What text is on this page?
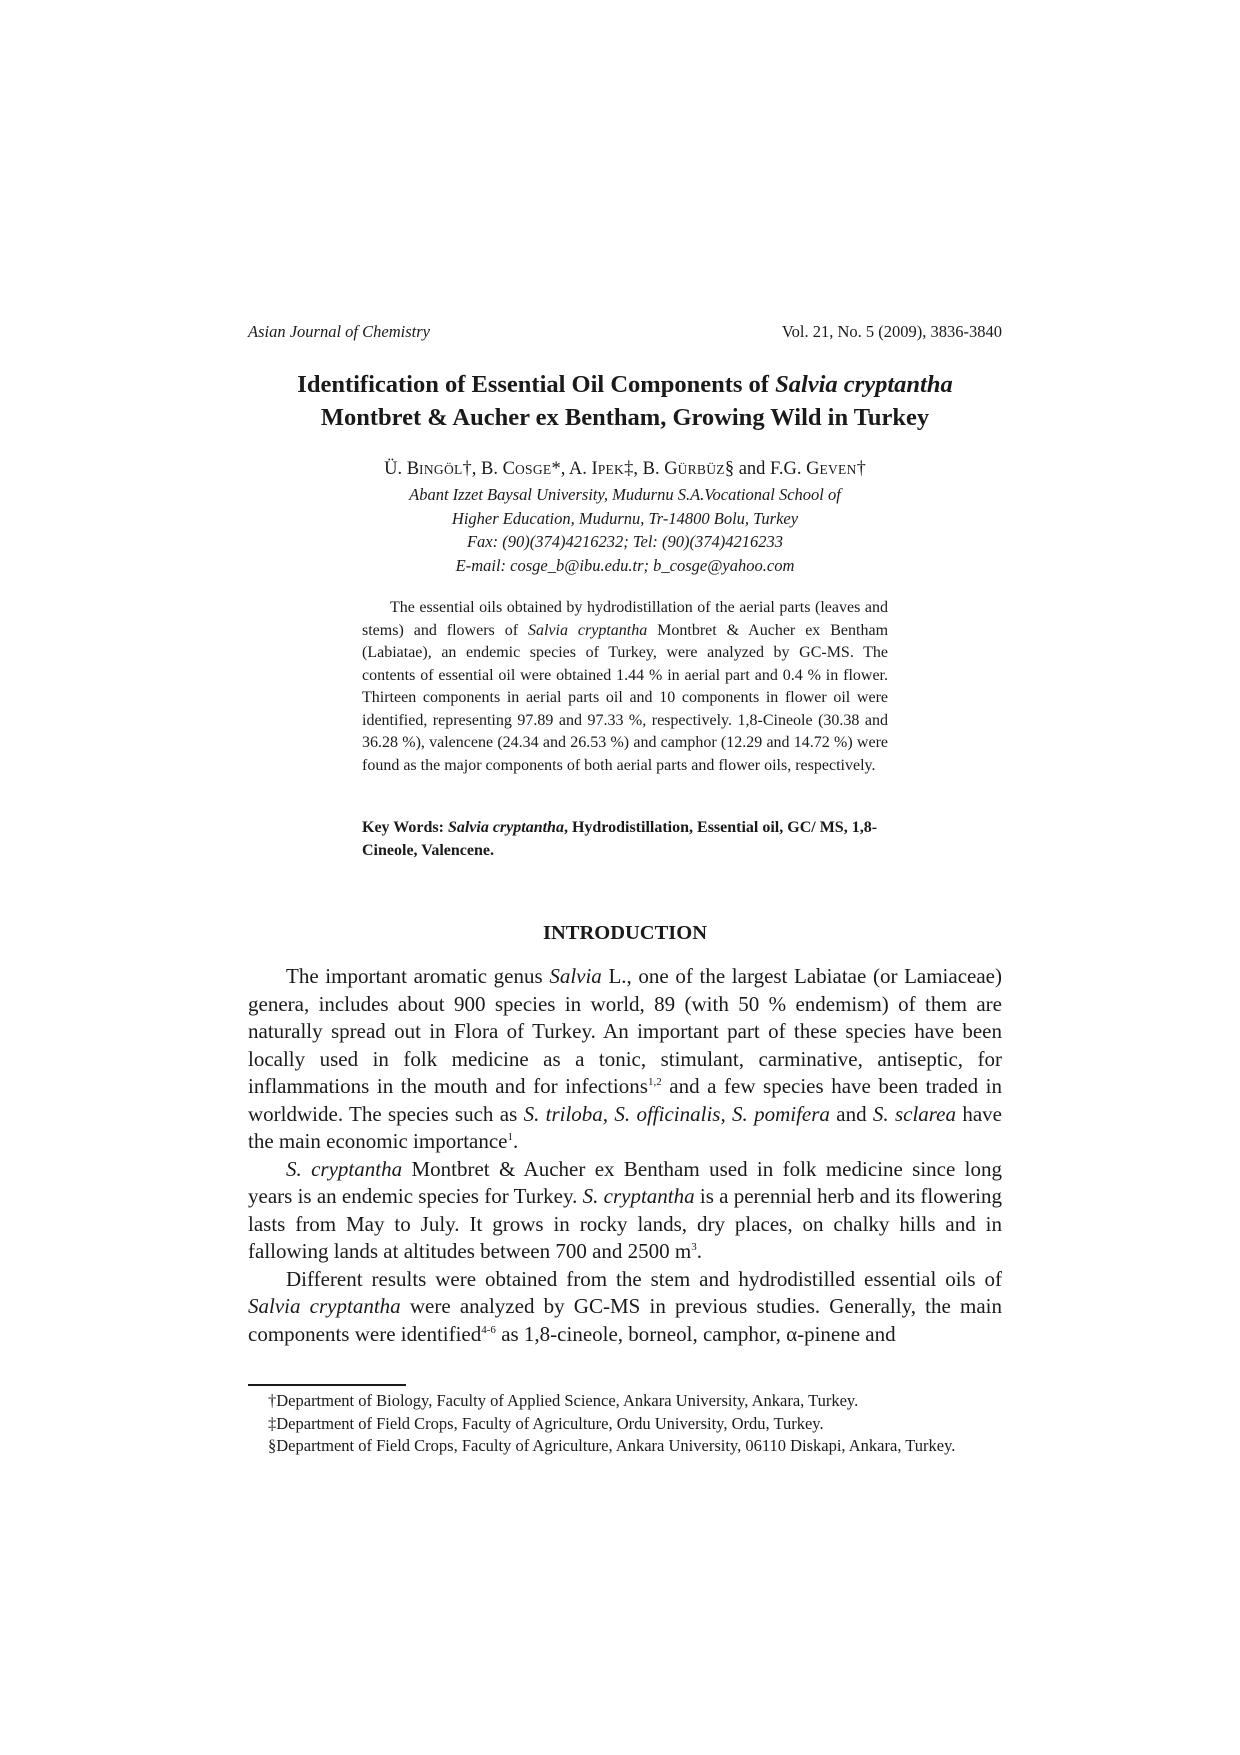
Asian Journal of Chemistry	Vol. 21, No. 5 (2009), 3836-3840
Identification of Essential Oil Components of Salvia cryptantha
Montbret & Aucher ex Bentham, Growing Wild in Turkey
Ü. BINGÖL†, B. COSGE*, A. IPEK‡, B. GÜRBÜZ§ and F.G. GEVEN†
Abant Izzet Baysal University, Mudurnu S.A.Vocational School of
Higher Education, Mudurnu, Tr-14800 Bolu, Turkey
Fax: (90)(374)4216232; Tel: (90)(374)4216233
E-mail: cosge_b@ibu.edu.tr; b_cosge@yahoo.com

The essential oils obtained by hydrodistillation of the aerial parts (leaves and stems) and flowers of Salvia cryptantha Montbret & Aucher ex Bentham (Labiatae), an endemic species of Turkey, were analyzed by GC-MS. The contents of essential oil were obtained 1.44 % in aerial part and 0.4 % in flower. Thirteen components in aerial parts oil and 10 components in flower oil were identified, representing 97.89 and 97.33 %, respectively. 1,8-Cineole (30.38 and 36.28 %), valencene (24.34 and 26.53 %) and camphor (12.29 and 14.72 %) were found as the major components of both aerial parts and flower oils, respectively.

Key Words: Salvia cryptantha, Hydrodistillation, Essential oil, GC/ MS, 1,8-Cineole, Valencene.
INTRODUCTION

The important aromatic genus Salvia L., one of the largest Labiatae (or Lamiaceae) genera, includes about 900 species in world, 89 (with 50 % endemism) of them are naturally spread out in Flora of Turkey. An important part of these species have been locally used in folk medicine as a tonic, stimulant, carminative, antiseptic, for inflammations in the mouth and for infections$^{1,2}$ and a few species have been traded in worldwide. The species such as S. triloba, S. officinalis, S. pomifera and S. sclarea have the main economic importance$^1$.

S. cryptantha Montbret & Aucher ex Bentham used in folk medicine since long years is an endemic species for Turkey. S. cryptantha is a perennial herb and its flowering lasts from May to July. It grows in rocky lands, dry places, on chalky hills and in fallowing lands at altitudes between 700 and 2500 $m^3$.

Different results were obtained from the stem and hydrodistilled essential oils of Salvia cryptantha were analyzed by GC-MS in previous studies. Generally, the main components were identified$^{4-6}$ as 1,8-cineole, borneol, camphor, α-pinene and

†Department of Biology, Faculty of Applied Science, Ankara University, Ankara, Turkey.

‡Department of Field Crops, Faculty of Agriculture, Ordu University, Ordu, Turkey.

§Department of Field Crops, Faculty of Agriculture, Ankara University, 06110 Diskapi, Ankara, Turkey.
